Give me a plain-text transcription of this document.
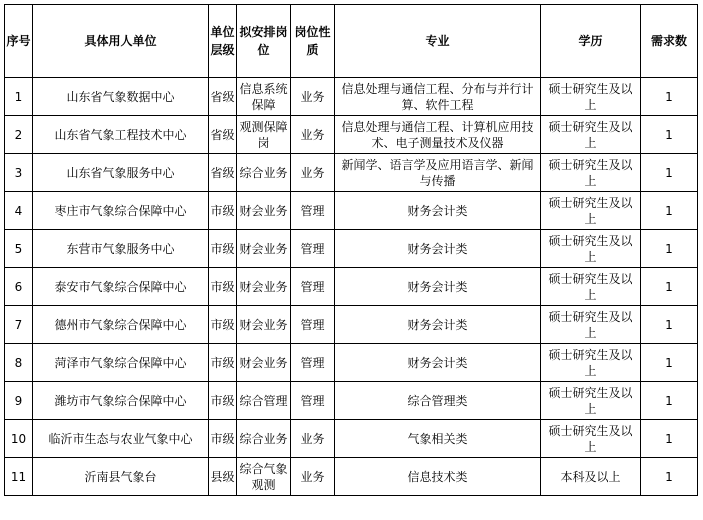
序号	具体用人单位	单位层级	拟安排岗位	岗位性质	专业	学历	需求数
1	山东省气象数据中心	省级	信息系统保障	业务	信息处理与通信工程、分布与并行计算、软件工程	硕士研究生及以上	1
2	山东省气象工程技术中心	省级	观测保障岗	业务	信息处理与通信工程、计算机应用技术、电子测量技术及仪器	硕士研究生及以上	1
3	山东省气象服务中心	省级	综合业务	业务	新闻学、语言学及应用语言学、新闻与传播	硕士研究生及以上	1
4	枣庄市气象综合保障中心	市级	财会业务	管理	财务会计类	硕士研究生及以上	1
5	东营市气象服务中心	市级	财会业务	管理	财务会计类	硕士研究生及以上	1
6	泰安市气象综合保障中心	市级	财会业务	管理	财务会计类	硕士研究生及以上	1
7	德州市气象综合保障中心	市级	财会业务	管理	财务会计类	硕士研究生及以上	1
8	菏泽市气象综合保障中心	市级	财会业务	管理	财务会计类	硕士研究生及以上	1
9	潍坊市气象综合保障中心	市级	综合管理	管理	综合管理类	硕士研究生及以上	1
10	临沂市生态与农业气象中心	市级	综合业务	业务	气象相关类	硕士研究生及以上	1
11	沂南县气象台	县级	综合气象观测	业务	信息技术类	本科及以上	1
